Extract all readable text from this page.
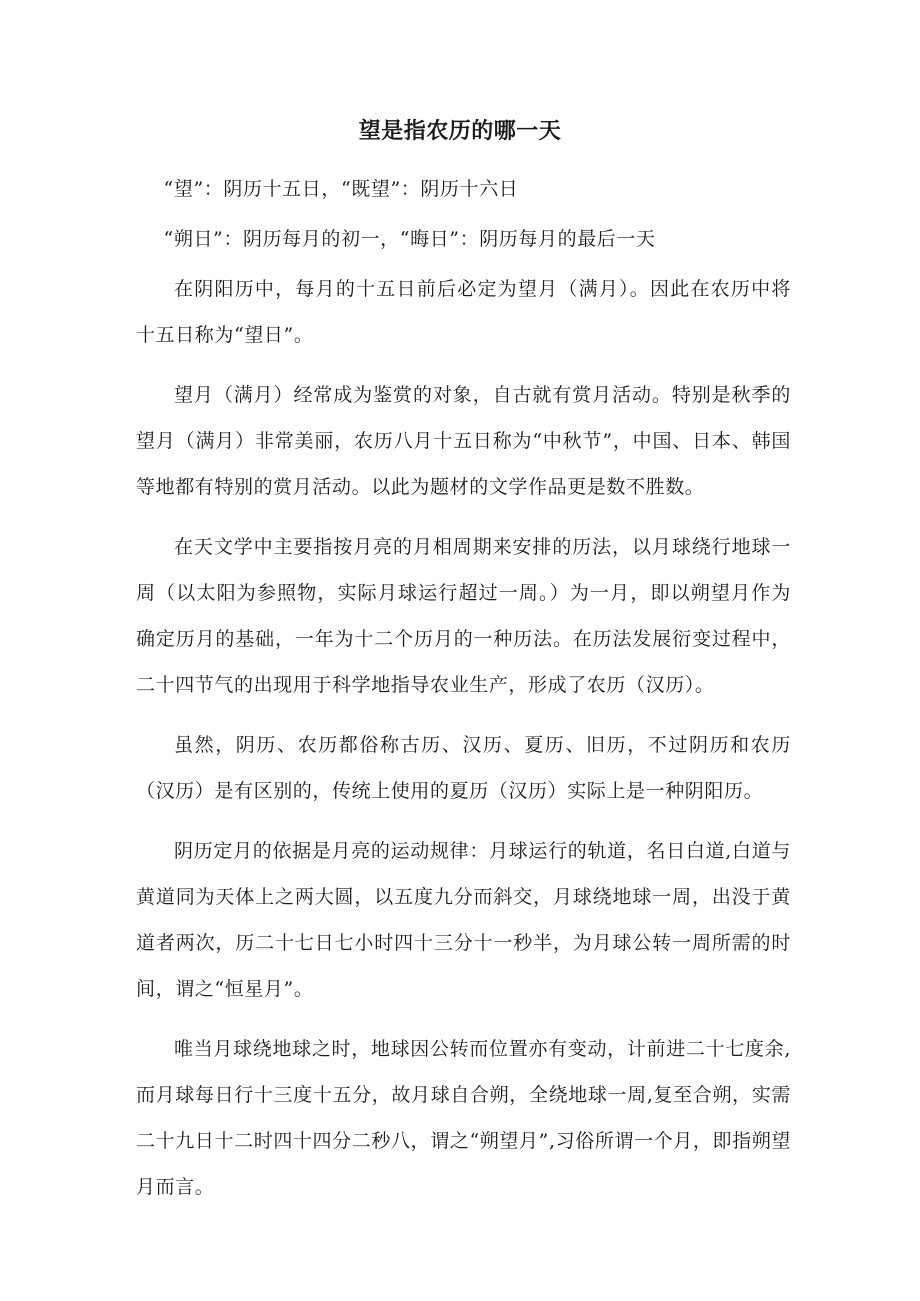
望是指农历的哪一天

“望”：阴历十五日，“既望”：阴历十六日

“朔日”：阴历每月的初一，“晦日”：阴历每月的最后一天

在阴阳历中，每月的十五日前后必定为望月（满月）。因此在农历中将十五日称为“望日”。

望月（满月）经常成为鉴赏的对象，自古就有赏月活动。特别是秋季的望月（满月）非常美丽，农历八月十五日称为“中秋节”，中国、日本、韩国等地都有特别的赏月活动。以此为题材的文学作品更是数不胜数。

在天文学中主要指按月亮的月相周期来安排的历法，以月球绕行地球一周（以太阳为参照物，实际月球运行超过一周。）为一月，即以朔望月作为确定历月的基础，一年为十二个历月的一种历法。在历法发展衍变过程中，二十四节气的出现用于科学地指导农业生产，形成了农历（汉历）。

虽然，阴历、农历都俗称古历、汉历、夏历、旧历，不过阴历和农历（汉历）是有区别的，传统上使用的夏历（汉历）实际上是一种阴阳历。

阴历定月的依据是月亮的运动规律：月球运行的轨道，名日白道,白道与黄道同为天体上之两大圆，以五度九分而斜交，月球绕地球一周，出没于黄道者两次，历二十七日七小时四十三分十一秒半，为月球公转一周所需的时间，谓之“恒星月”。

唯当月球绕地球之时，地球因公转而位置亦有变动，计前进二十七度余,而月球每日行十三度十五分，故月球自合朔，全绕地球一周,复至合朔，实需二十九日十二时四十四分二秒八，谓之“朔望月”,习俗所谓一个月，即指朔望月而言。
